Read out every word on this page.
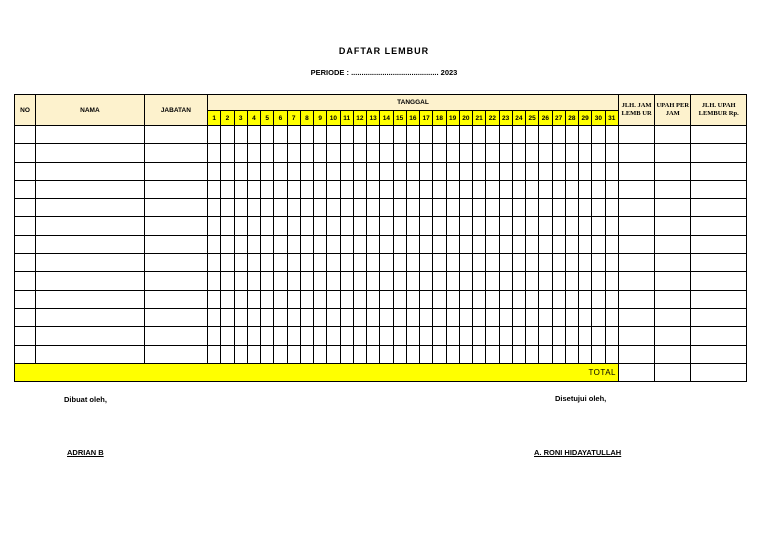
DAFTAR LEMBUR
PERIODE : .......................................... 2023
NO	NAMA	JABATAN	TANGGAL																															JLH. JAM LEMB UR	UPAH PER JAM	JLH. UPAH LEMBUR Rp.
			1	2	3	4	5	6	7	8	9	10	11	12	13	14	15	16	17	18	19	20	21	22	23	24	25	26	27	28	29	30	31			

TOTAL																																				
Dibuat oleh,
ADRIAN B
Disetujui oleh,
A. RONI HIDAYATULLAH
